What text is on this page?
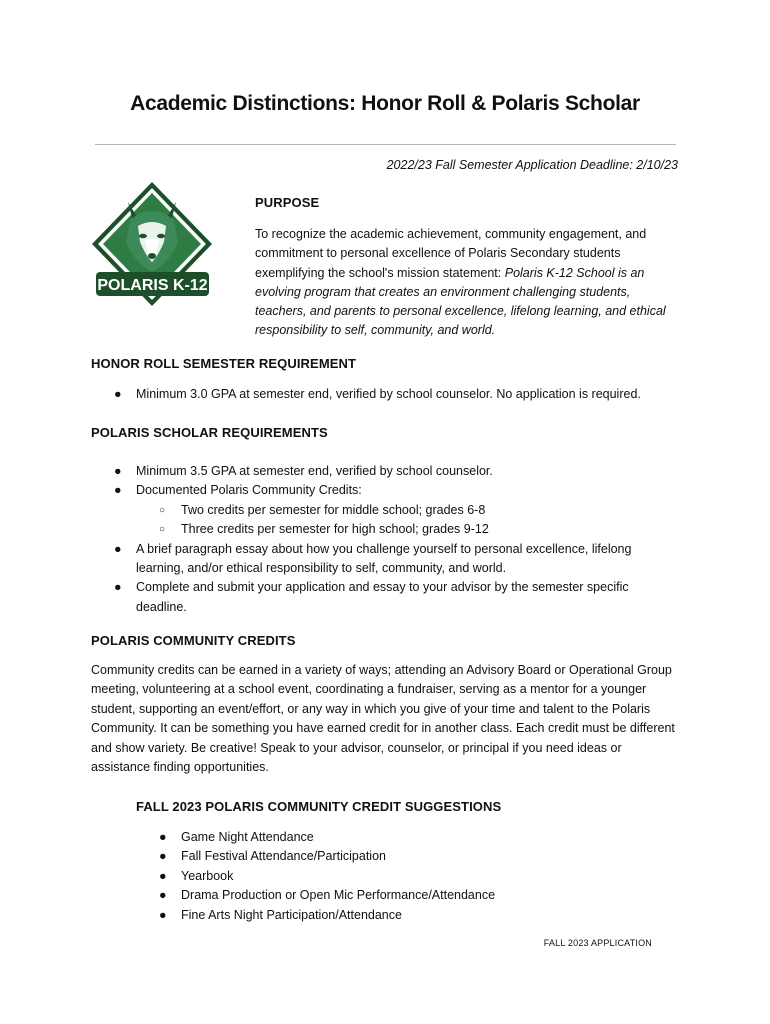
Academic Distinctions: Honor Roll & Polaris Scholar
2022/23 Fall Semester Application Deadline: 2/10/23
POLARIS K-12
PURPOSE

To recognize the academic achievement, community engagement, and commitment to personal excellence of Polaris Secondary students exemplifying the school's mission statement: Polaris K-12 School is an evolving program that creates an environment challenging students, teachers, and parents to personal excellence, lifelong learning, and ethical responsibility to self, community, and world.

HONOR ROLL SEMESTER REQUIREMENT
● Minimum 3.0 GPA at semester end, verified by school counselor. No application is required.
POLARIS SCHOLAR REQUIREMENTS
● Minimum 3.5 GPA at semester end, verified by school counselor.
● Documented Polaris Community Credits:
○ Two credits per semester for middle school; grades 6-8
○ Three credits per semester for high school; grades 9-12
● A brief paragraph essay about how you challenge yourself to personal excellence, lifelong learning, and/or ethical responsibility to self, community, and world.
● Complete and submit your application and essay to your advisor by the semester specific deadline.
POLARIS COMMUNITY CREDITS

Community credits can be earned in a variety of ways; attending an Advisory Board or Operational Group meeting, volunteering at a school event, coordinating a fundraiser, serving as a mentor for a younger student, supporting an event/effort, or any way in which you give of your time and talent to the Polaris Community. It can be something you have earned credit for in another class. Each credit must be different and show variety. Be creative! Speak to your advisor, counselor, or principal if you need ideas or assistance finding opportunities.

FALL 2023 POLARIS COMMUNITY CREDIT SUGGESTIONS
● Game Night Attendance
● Fall Festival Attendance/Participation
● Yearbook
● Drama Production or Open Mic Performance/Attendance
● Fine Arts Night Participation/Attendance
FALL 2023 APPLICATION
